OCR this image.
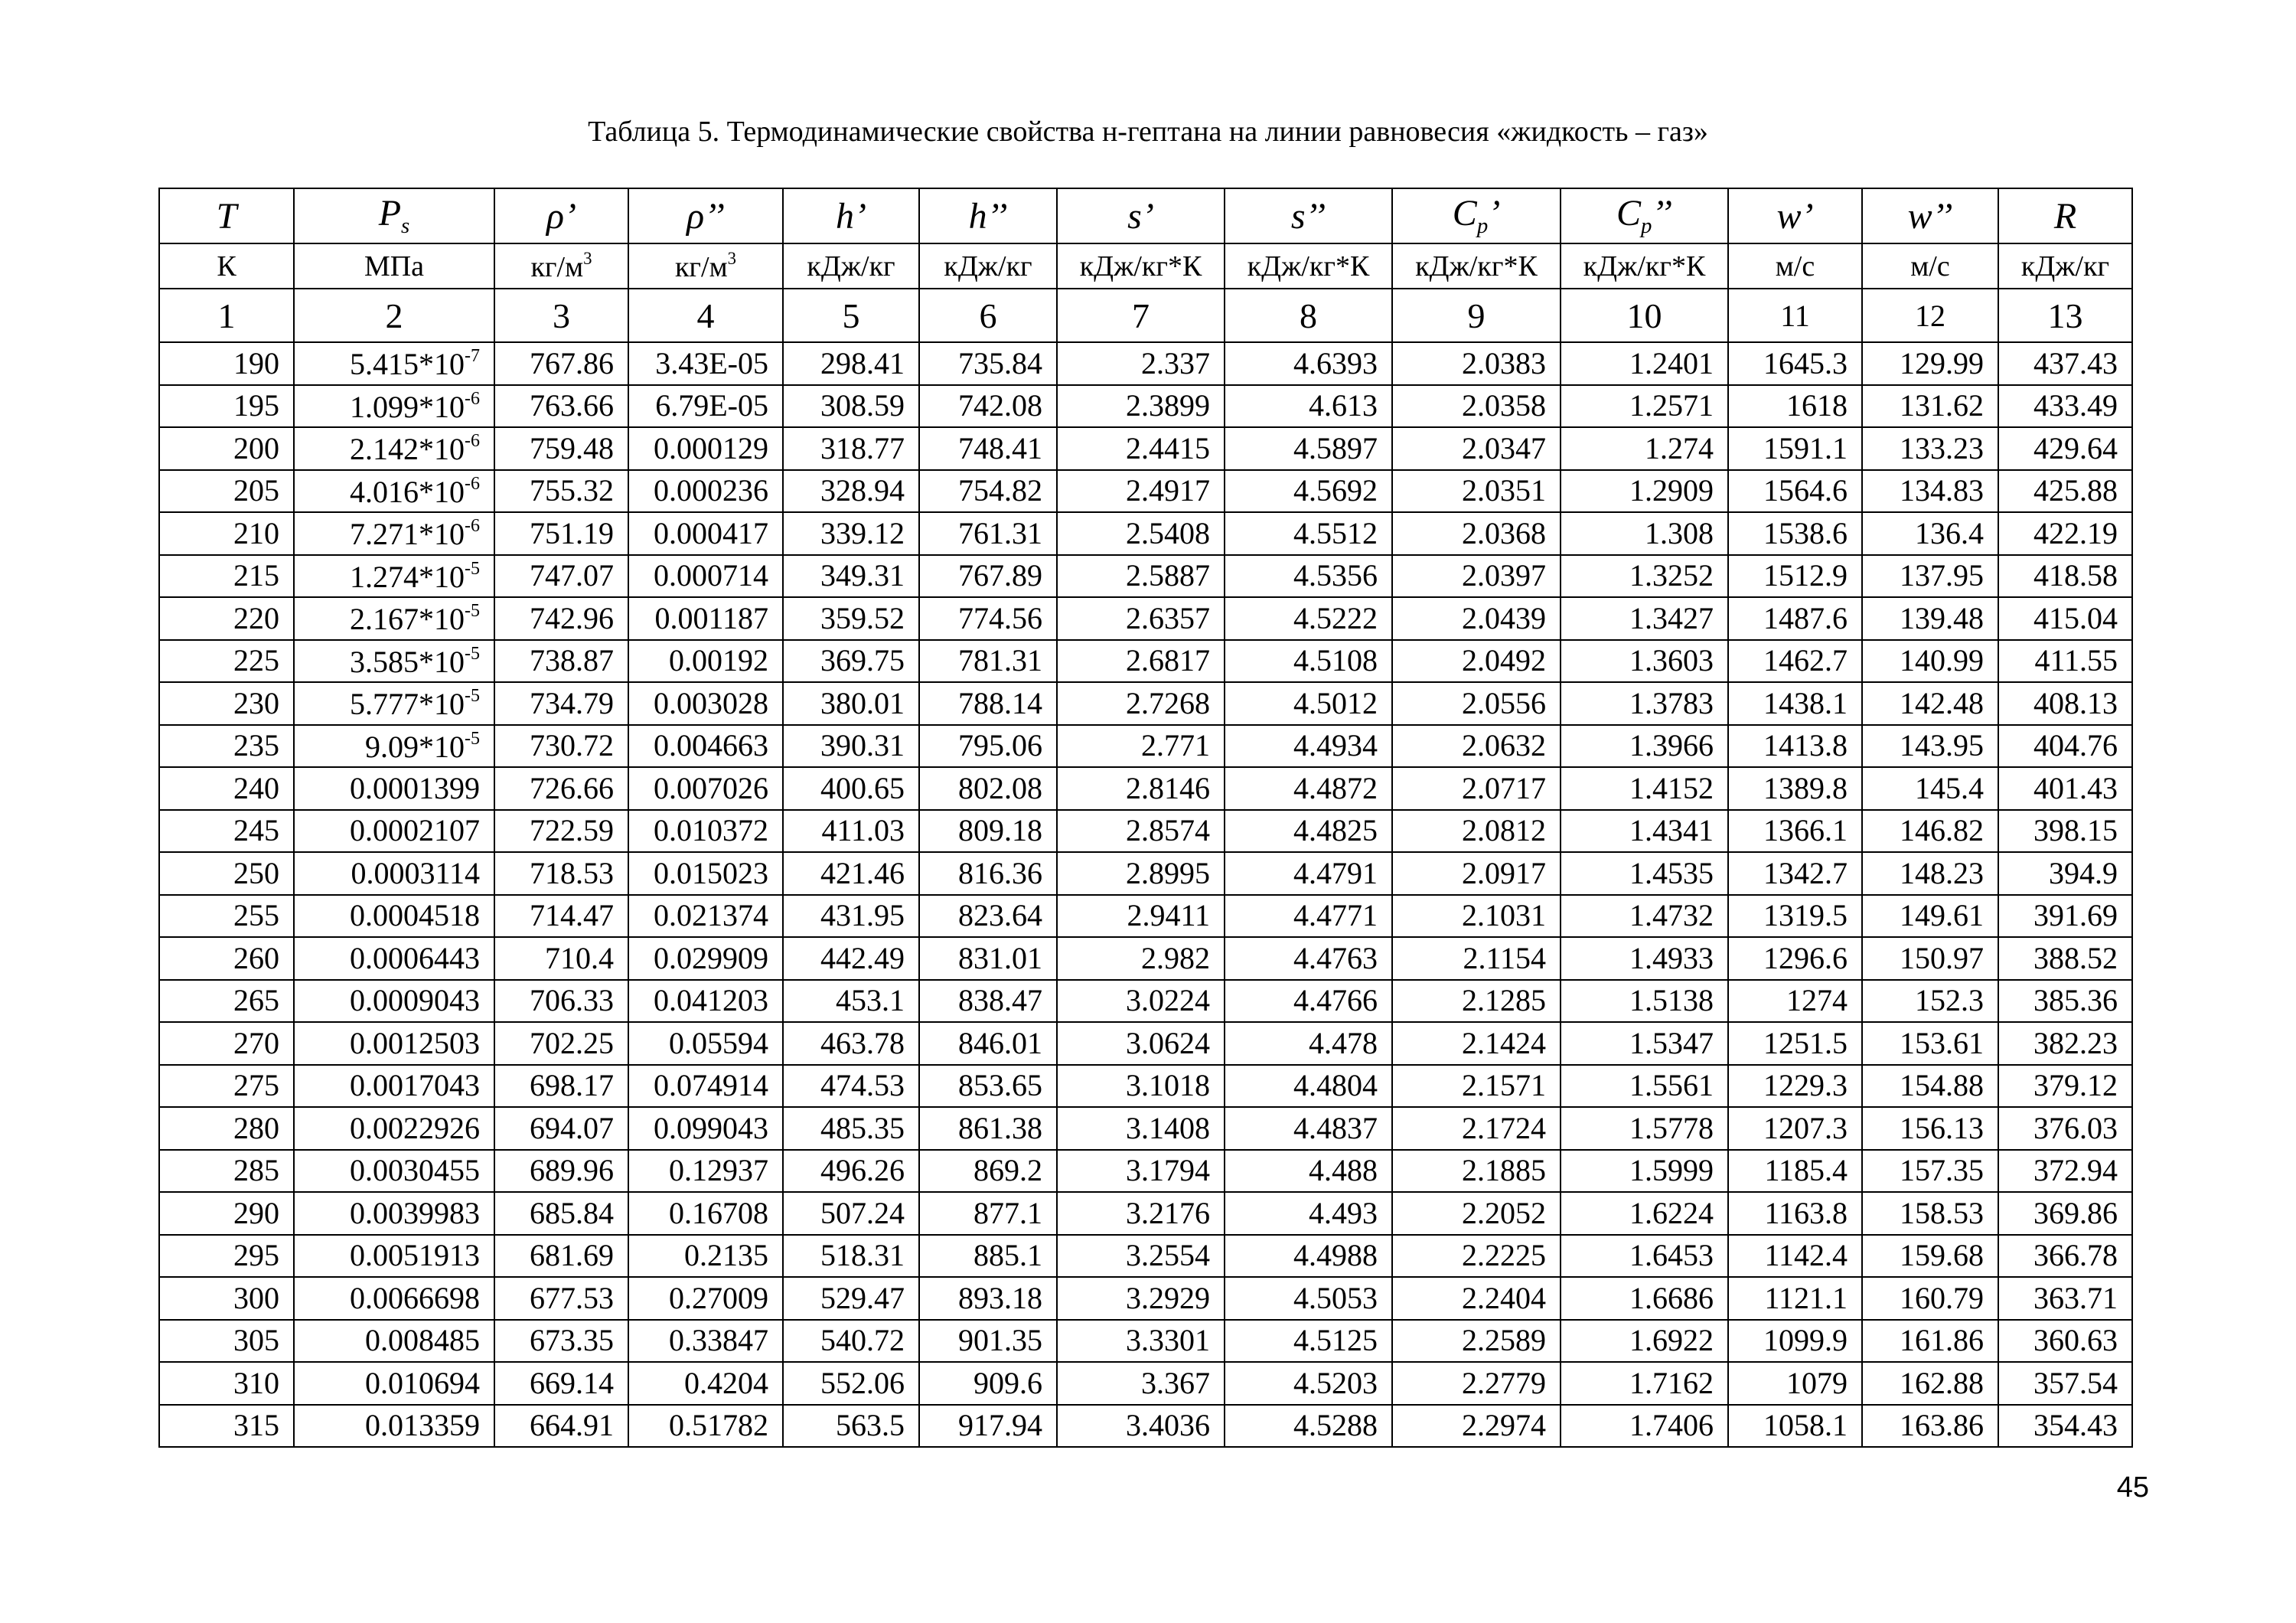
Таблица 5. Термодинамические свойства н-гептана на линии равновесия «жидкость – газ»
T	$P_s$	ρ’	ρ’’	h’	h’’	s’	s’’	$C_p$’	$C_p$’’	w’	w’’	R
К	МПа	$кг/м^3$	$кг/м^3$	кДж/кг	кДж/кг	кДж/кг*К	кДж/кг*К	кДж/кг*К	кДж/кг*К	м/с	м/с	кДж/кг
1	2	3	4	5	6	7	8	9	10	11	12	13
190	$5.415*10^{-7}$	767.86	3.43E-05	298.41	735.84	2.337	4.6393	2.0383	1.2401	1645.3	129.99	437.43
195	$1.099*10^{-6}$	763.66	6.79E-05	308.59	742.08	2.3899	4.613	2.0358	1.2571	1618	131.62	433.49
200	$2.142*10^{-6}$	759.48	0.000129	318.77	748.41	2.4415	4.5897	2.0347	1.274	1591.1	133.23	429.64
205	$4.016*10^{-6}$	755.32	0.000236	328.94	754.82	2.4917	4.5692	2.0351	1.2909	1564.6	134.83	425.88
210	$7.271*10^{-6}$	751.19	0.000417	339.12	761.31	2.5408	4.5512	2.0368	1.308	1538.6	136.4	422.19
215	$1.274*10^{-5}$	747.07	0.000714	349.31	767.89	2.5887	4.5356	2.0397	1.3252	1512.9	137.95	418.58
220	$2.167*10^{-5}$	742.96	0.001187	359.52	774.56	2.6357	4.5222	2.0439	1.3427	1487.6	139.48	415.04
225	$3.585*10^{-5}$	738.87	0.00192	369.75	781.31	2.6817	4.5108	2.0492	1.3603	1462.7	140.99	411.55
230	$5.777*10^{-5}$	734.79	0.003028	380.01	788.14	2.7268	4.5012	2.0556	1.3783	1438.1	142.48	408.13
235	$9.09*10^{-5}$	730.72	0.004663	390.31	795.06	2.771	4.4934	2.0632	1.3966	1413.8	143.95	404.76
240	0.0001399	726.66	0.007026	400.65	802.08	2.8146	4.4872	2.0717	1.4152	1389.8	145.4	401.43
245	0.0002107	722.59	0.010372	411.03	809.18	2.8574	4.4825	2.0812	1.4341	1366.1	146.82	398.15
250	0.0003114	718.53	0.015023	421.46	816.36	2.8995	4.4791	2.0917	1.4535	1342.7	148.23	394.9
255	0.0004518	714.47	0.021374	431.95	823.64	2.9411	4.4771	2.1031	1.4732	1319.5	149.61	391.69
260	0.0006443	710.4	0.029909	442.49	831.01	2.982	4.4763	2.1154	1.4933	1296.6	150.97	388.52
265	0.0009043	706.33	0.041203	453.1	838.47	3.0224	4.4766	2.1285	1.5138	1274	152.3	385.36
270	0.0012503	702.25	0.05594	463.78	846.01	3.0624	4.478	2.1424	1.5347	1251.5	153.61	382.23
275	0.0017043	698.17	0.074914	474.53	853.65	3.1018	4.4804	2.1571	1.5561	1229.3	154.88	379.12
280	0.0022926	694.07	0.099043	485.35	861.38	3.1408	4.4837	2.1724	1.5778	1207.3	156.13	376.03
285	0.0030455	689.96	0.12937	496.26	869.2	3.1794	4.488	2.1885	1.5999	1185.4	157.35	372.94
290	0.0039983	685.84	0.16708	507.24	877.1	3.2176	4.493	2.2052	1.6224	1163.8	158.53	369.86
295	0.0051913	681.69	0.2135	518.31	885.1	3.2554	4.4988	2.2225	1.6453	1142.4	159.68	366.78
300	0.0066698	677.53	0.27009	529.47	893.18	3.2929	4.5053	2.2404	1.6686	1121.1	160.79	363.71
305	0.008485	673.35	0.33847	540.72	901.35	3.3301	4.5125	2.2589	1.6922	1099.9	161.86	360.63
310	0.010694	669.14	0.4204	552.06	909.6	3.367	4.5203	2.2779	1.7162	1079	162.88	357.54
315	0.013359	664.91	0.51782	563.5	917.94	3.4036	4.5288	2.2974	1.7406	1058.1	163.86	354.43
45
